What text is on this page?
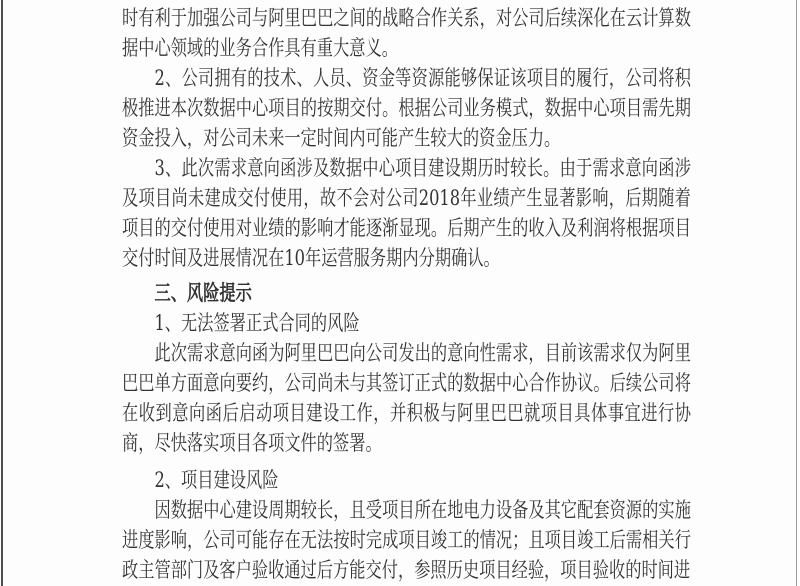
时有利于加强公司与阿里巴巴之间的战略合作关系，对公司后续深化在云计算数据中心领域的业务合作具有重大意义。

2、公司拥有的技术、人员、资金等资源能够保证该项目的履行，公司将积极推进本次数据中心项目的按期交付。根据公司业务模式，数据中心项目需先期资金投入，对公司未来一定时间内可能产生较大的资金压力。

3、此次需求意向函涉及数据中心项目建设期历时较长。由于需求意向函涉及项目尚未建成交付使用，故不会对公司2018年业绩产生显著影响，后期随着项目的交付使用对业绩的影响才能逐渐显现。后期产生的收入及利润将根据项目交付时间及进展情况在10年运营服务期内分期确认。

三、风险提示

1、无法签署正式合同的风险

此次需求意向函为阿里巴巴向公司发出的意向性需求，目前该需求仅为阿里巴巴单方面意向要约，公司尚未与其签订正式的数据中心合作协议。后续公司将在收到意向函后启动项目建设工作，并积极与阿里巴巴就项目具体事宜进行协商，尽快落实项目各项文件的签署。

2、项目建设风险

因数据中心建设周期较长，且受项目所在地电力设备及其它配套资源的实施进度影响，公司可能存在无法按时完成项目竣工的情况；且项目竣工后需相关行政主管部门及客户验收通过后方能交付，参照历史项目经验，项目验收的时间进
